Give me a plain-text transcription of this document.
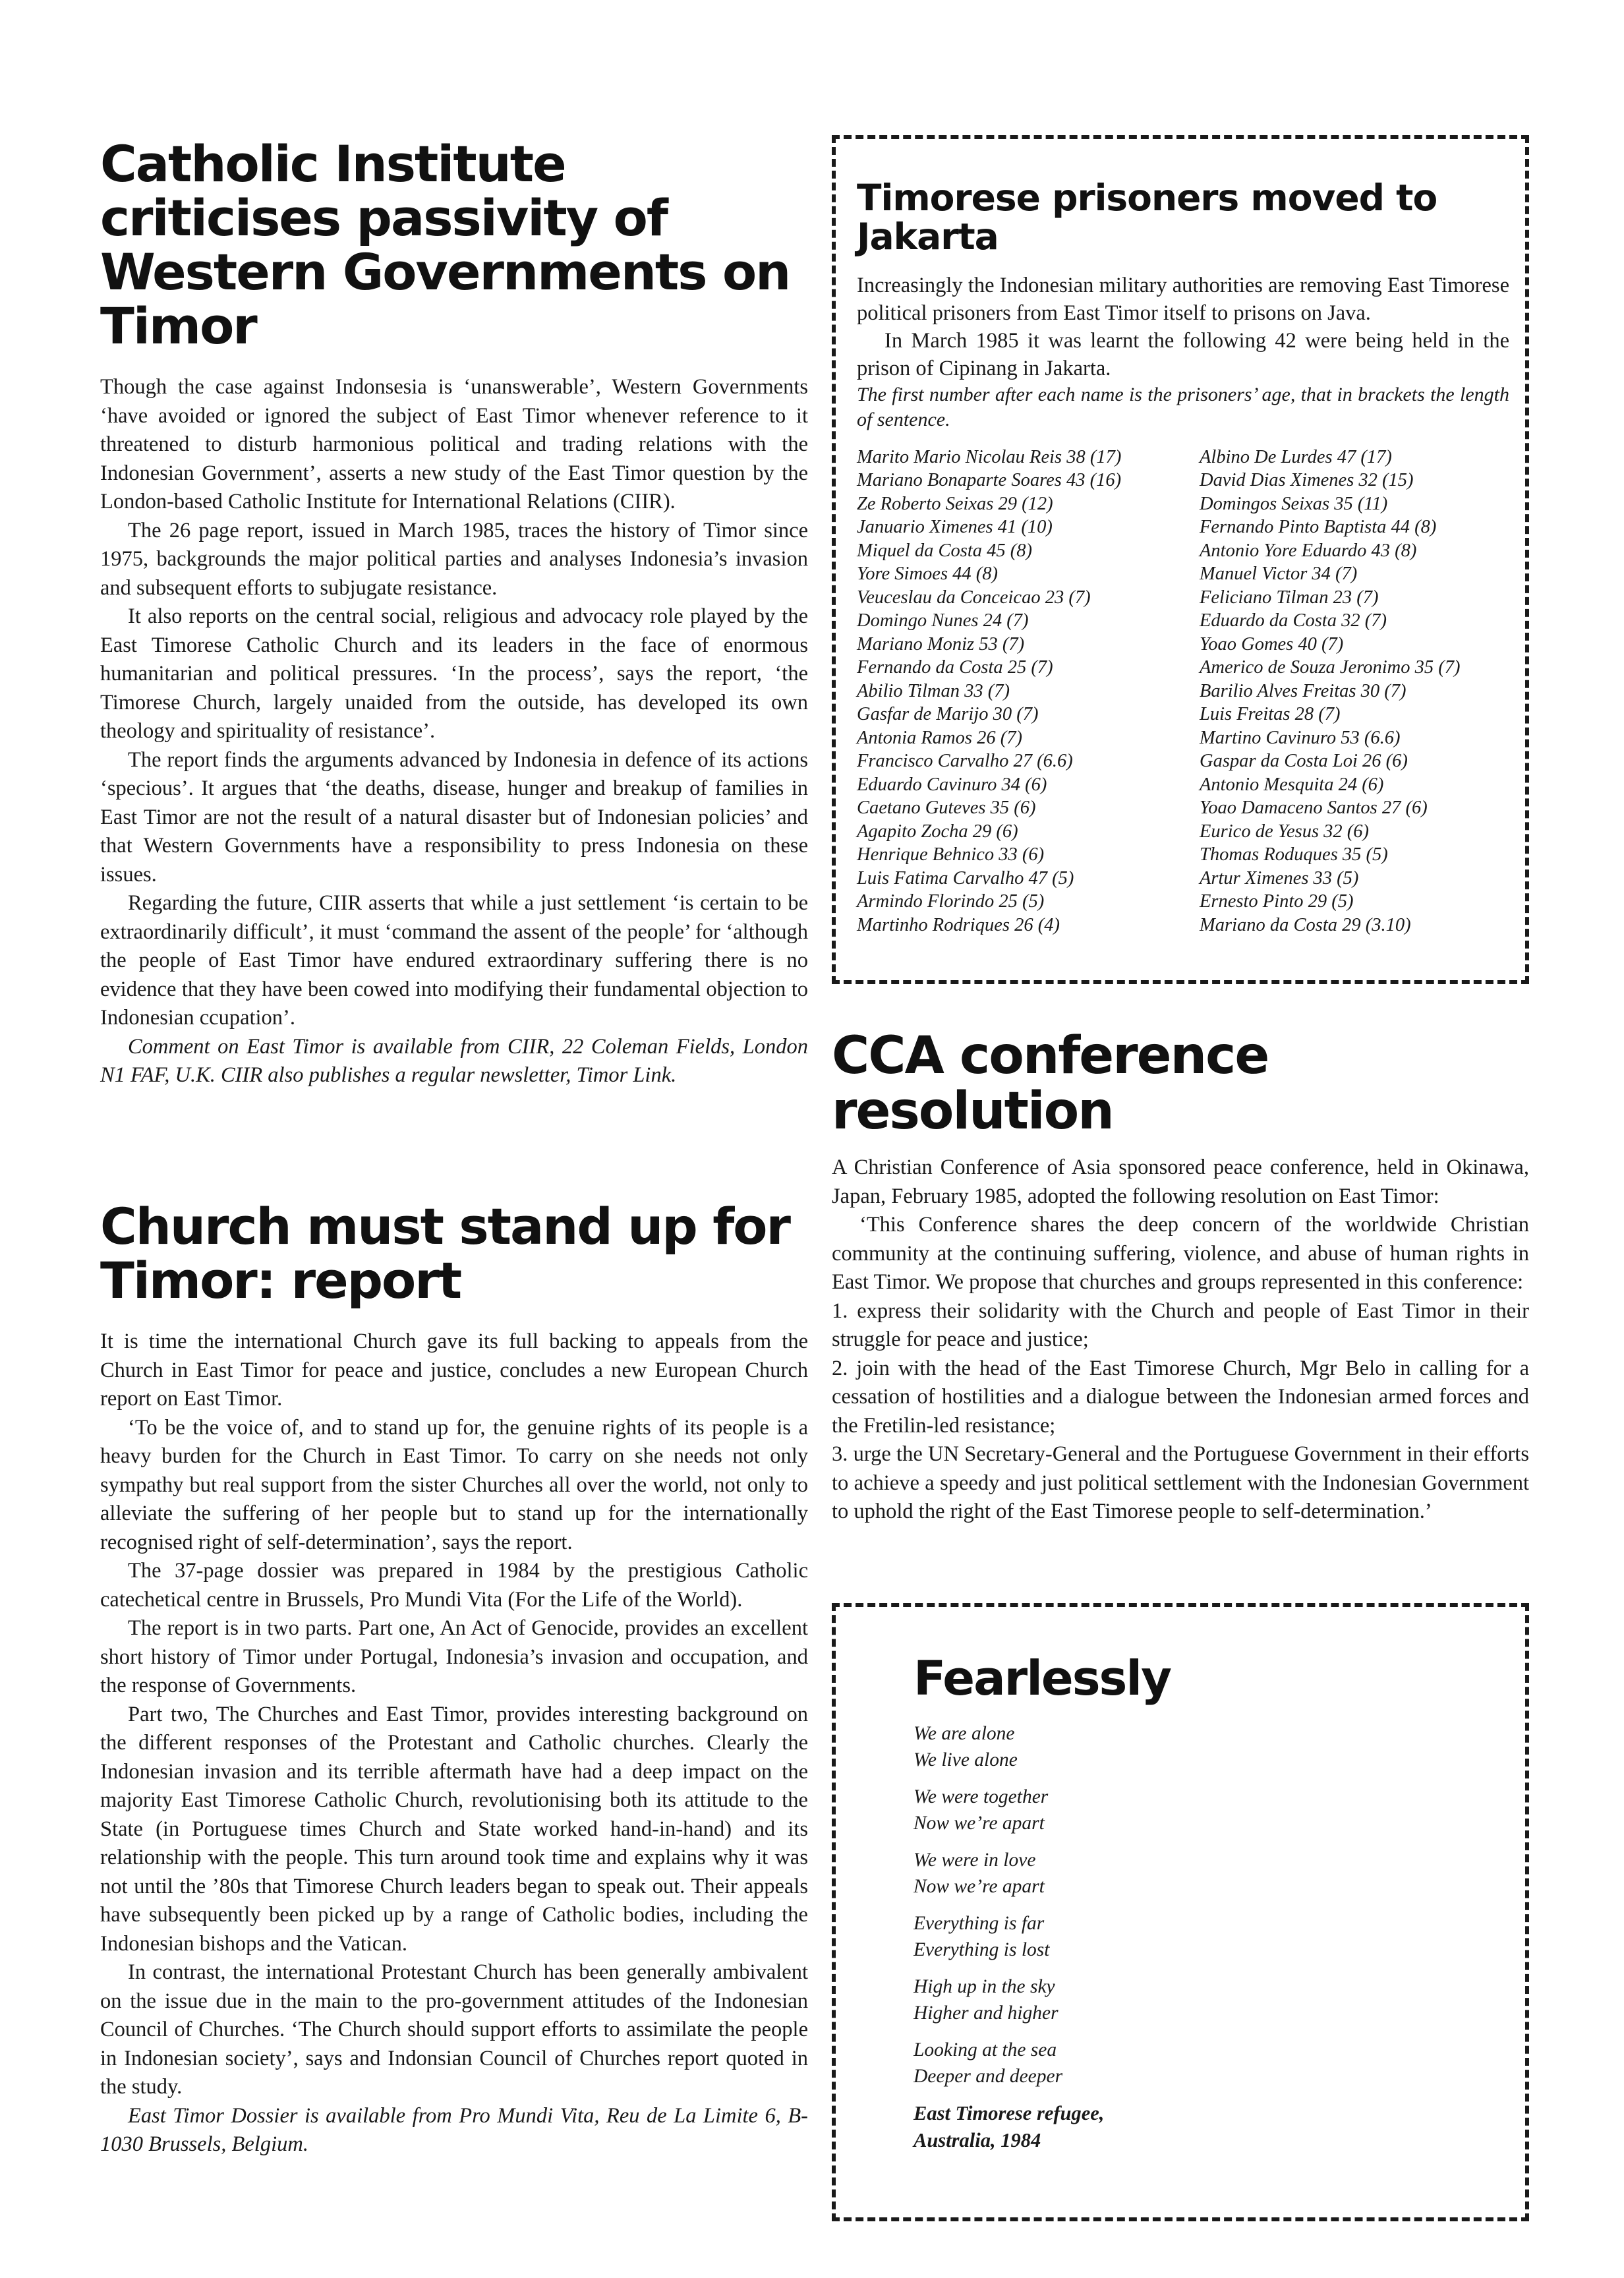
Catholic Institute criticises passivity of Western Governments on Timor

Though the case against Indonsesia is ‘unanswerable’, Western Governments ‘have avoided or ignored the subject of East Timor whenever reference to it threatened to disturb harmonious political and trading relations with the Indonesian Government’, asserts a new study of the East Timor question by the London-based Catholic Institute for International Relations (CIIR).

The 26 page report, issued in March 1985, traces the history of Timor since 1975, backgrounds the major political parties and analyses Indonesia’s invasion and subsequent efforts to subjugate resistance.

It also reports on the central social, religious and advocacy role played by the East Timorese Catholic Church and its leaders in the face of enormous humanitarian and political pressures. ‘In the process’, says the report, ‘the Timorese Church, largely unaided from the outside, has developed its own theology and spirituality of resistance’.

The report finds the arguments advanced by Indonesia in defence of its actions ‘specious’. It argues that ‘the deaths, disease, hunger and breakup of families in East Timor are not the result of a natural disaster but of Indonesian policies’ and that Western Governments have a responsibility to press Indonesia on these issues.

Regarding the future, CIIR asserts that while a just settlement ‘is certain to be extraordinarily difficult’, it must ‘command the assent of the people’ for ‘although the people of East Timor have endured extraordinary suffering there is no evidence that they have been cowed into modifying their fundamental objection to Indonesian ccupation’.

Comment on East Timor is available from CIIR, 22 Coleman Fields, London N1 FAF, U.K. CIIR also publishes a regular newsletter, Timor Link.

Church must stand up for Timor: report

It is time the international Church gave its full backing to appeals from the Church in East Timor for peace and justice, concludes a new European Church report on East Timor.

‘To be the voice of, and to stand up for, the genuine rights of its people is a heavy burden for the Church in East Timor. To carry on she needs not only sympathy but real support from the sister Churches all over the world, not only to alleviate the suffering of her people but to stand up for the internationally recognised right of self-determination’, says the report.

The 37-page dossier was prepared in 1984 by the prestigious Catholic catechetical centre in Brussels, Pro Mundi Vita (For the Life of the World).

The report is in two parts. Part one, An Act of Genocide, provides an excellent short history of Timor under Portugal, Indonesia’s invasion and occupation, and the response of Governments.

Part two, The Churches and East Timor, provides interesting background on the different responses of the Protestant and Catholic churches. Clearly the Indonesian invasion and its terrible aftermath have had a deep impact on the majority East Timorese Catholic Church, revolutionising both its attitude to the State (in Portuguese times Church and State worked hand-in-hand) and its relationship with the people. This turn around took time and explains why it was not until the ’80s that Timorese Church leaders began to speak out. Their appeals have subsequently been picked up by a range of Catholic bodies, including the Indonesian bishops and the Vatican.

In contrast, the international Protestant Church has been generally ambivalent on the issue due in the main to the pro-government attitudes of the Indonesian Council of Churches. ‘The Church should support efforts to assimilate the people in Indonesian society’, says and Indonsian Council of Churches report quoted in the study.

East Timor Dossier is available from Pro Mundi Vita, Reu de La Limite 6, B-1030 Brussels, Belgium.

Timorese prisoners moved to Jakarta

Increasingly the Indonesian military authorities are removing East Timorese political prisoners from East Timor itself to prisons on Java.

In March 1985 it was learnt the following 42 were being held in the prison of Cipinang in Jakarta.

The first number after each name is the prisoners’ age, that in brackets the length of sentence.

Marito Mario Nicolau Reis 38 (17)
Mariano Bonaparte Soares 43 (16)
Ze Roberto Seixas 29 (12)
Januario Ximenes 41 (10)
Miquel da Costa 45 (8)
Yore Simoes 44 (8)
Veuceslau da Conceicao 23 (7)
Domingo Nunes 24 (7)
Mariano Moniz 53 (7)
Fernando da Costa 25 (7)
Abilio Tilman 33 (7)
Gasfar de Marijo 30 (7)
Antonia Ramos 26 (7)
Francisco Carvalho 27 (6.6)
Eduardo Cavinuro 34 (6)
Caetano Guteves 35 (6)
Agapito Zocha 29 (6)
Henrique Behnico 33 (6)
Luis Fatima Carvalho 47 (5)
Armindo Florindo 25 (5)
Martinho Rodriques 26 (4)
Albino De Lurdes 47 (17)
David Dias Ximenes 32 (15)
Domingos Seixas 35 (11)
Fernando Pinto Baptista 44 (8)
Antonio Yore Eduardo 43 (8)
Manuel Victor 34 (7)
Feliciano Tilman 23 (7)
Eduardo da Costa 32 (7)
Yoao Gomes 40 (7)
Americo de Souza Jeronimo 35 (7)
Barilio Alves Freitas 30 (7)
Luis Freitas 28 (7)
Martino Cavinuro 53 (6.6)
Gaspar da Costa Loi 26 (6)
Antonio Mesquita 24 (6)
Yoao Damaceno Santos 27 (6)
Eurico de Yesus 32 (6)
Thomas Roduques 35 (5)
Artur Ximenes 33 (5)
Ernesto Pinto 29 (5)
Mariano da Costa 29 (3.10)
CCA conference resolution

A Christian Conference of Asia sponsored peace conference, held in Okinawa, Japan, February 1985, adopted the following resolution on East Timor:

‘This Conference shares the deep concern of the worldwide Christian community at the continuing suffering, violence, and abuse of human rights in East Timor. We propose that churches and groups represented in this conference:

1. express their solidarity with the Church and people of East Timor in their struggle for peace and justice;

2. join with the head of the East Timorese Church, Mgr Belo in calling for a cessation of hostilities and a dialogue between the Indonesian armed forces and the Fretilin-led resistance;

3. urge the UN Secretary-General and the Portuguese Government in their efforts to achieve a speedy and just political settlement with the Indonesian Government to uphold the right of the East Timorese people to self-determination.’

Fearlessly
We are alone
We live alone
We were together
Now we’re apart
We were in love
Now we’re apart
Everything is far
Everything is lost
High up in the sky
Higher and higher
Looking at the sea
Deeper and deeper
East Timorese refugee,
Australia, 1984
